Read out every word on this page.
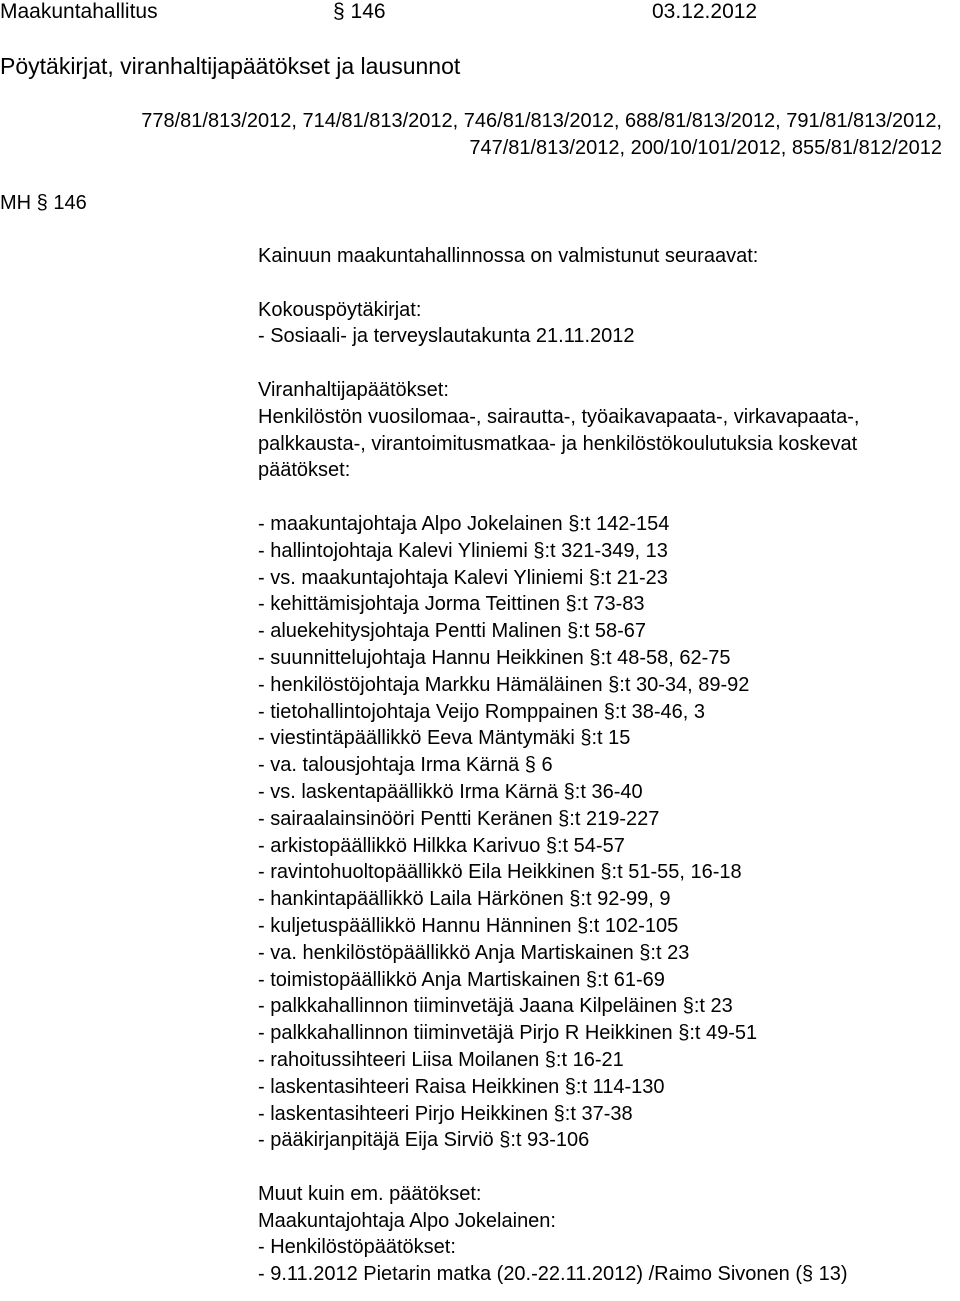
Maakuntahallitus	§ 146	03.12.2012
Pöytäkirjat, viranhaltijapäätökset ja lausunnot
778/81/813/2012, 714/81/813/2012, 746/81/813/2012, 688/81/813/2012, 791/81/813/2012,
747/81/813/2012, 200/10/101/2012, 855/81/812/2012
MH § 146
Kainuun maakuntahallinnossa on valmistunut seuraavat:
Kokouspöytäkirjat:
- Sosiaali- ja terveyslautakunta 21.11.2012
Viranhaltijapäätökset:
Henkilöstön vuosilomaa-, sairautta-, työaikavapaata-, virkavapaata-,
palkkausta-, virantoimitusmatkaa- ja henkilöstökoulutuksia koskevat
päätökset:
- maakuntajohtaja Alpo Jokelainen §:t 142-154
- hallintojohtaja Kalevi Yliniemi §:t 321-349, 13
- vs. maakuntajohtaja Kalevi Yliniemi §:t 21-23
- kehittämisjohtaja Jorma Teittinen §:t 73-83
- aluekehitysjohtaja Pentti Malinen §:t 58-67
- suunnittelujohtaja Hannu Heikkinen §:t 48-58, 62-75
- henkilöstöjohtaja Markku Hämäläinen §:t 30-34, 89-92
- tietohallintojohtaja Veijo Romppainen §:t 38-46, 3
- viestintäpäällikkö Eeva Mäntymäki §:t 15
- va. talousjohtaja Irma Kärnä § 6
- vs. laskentapäällikkö Irma Kärnä §:t 36-40
- sairaalainsinööri Pentti Keränen §:t 219-227
- arkistopäällikkö Hilkka Karivuo §:t 54-57
- ravintohuoltopäällikkö Eila Heikkinen §:t 51-55, 16-18
- hankintapäällikkö Laila Härkönen §:t 92-99, 9
- kuljetuspäällikkö Hannu Hänninen §:t 102-105
- va. henkilöstöpäällikkö Anja Martiskainen §:t 23
- toimistopäällikkö Anja Martiskainen §:t 61-69
- palkkahallinnon tiiminvetäjä Jaana Kilpeläinen §:t 23
- palkkahallinnon tiiminvetäjä Pirjo R Heikkinen §:t 49-51
- rahoitussihteeri Liisa Moilanen §:t 16-21
- laskentasihteeri Raisa Heikkinen §:t 114-130
- laskentasihteeri Pirjo Heikkinen §:t 37-38
- pääkirjanpitäjä Eija Sirviö §:t 93-106
Muut kuin em. päätökset:
Maakuntajohtaja Alpo Jokelainen:
- Henkilöstöpäätökset:
- 9.11.2012 Pietarin matka (20.-22.11.2012) /Raimo Sivonen (§ 13)
